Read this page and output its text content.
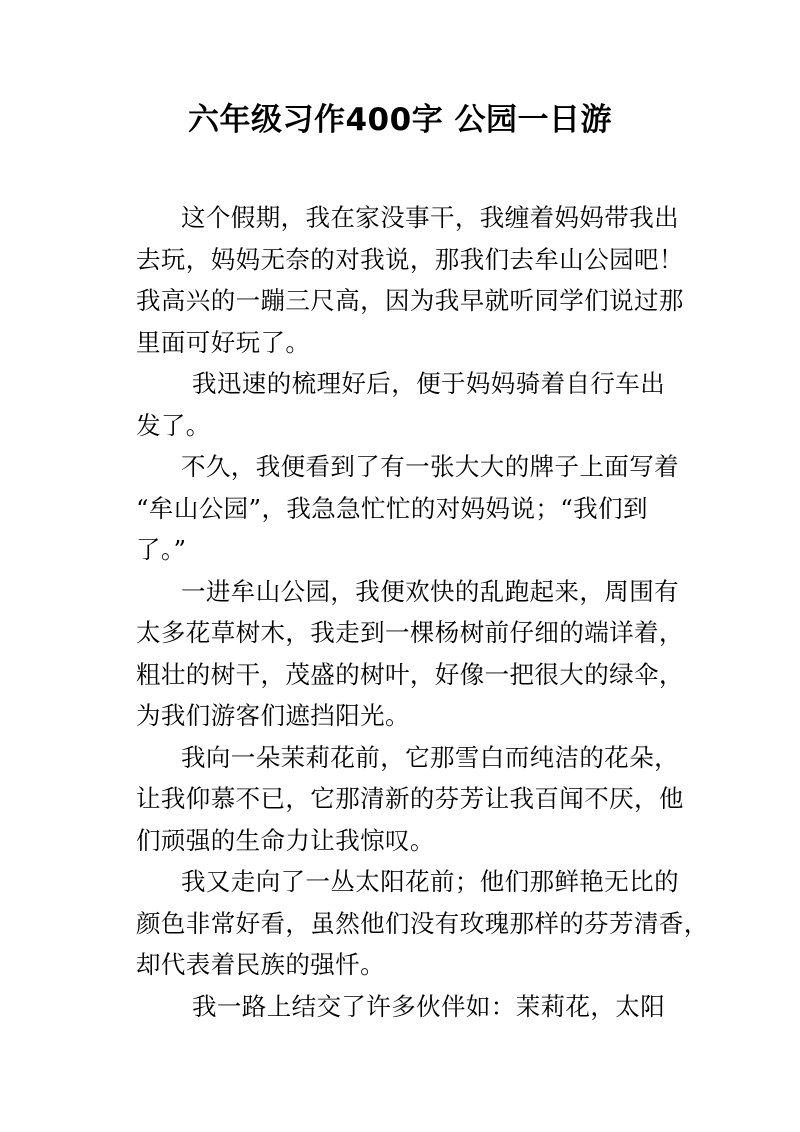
六年级习作400字 公园一日游
这个假期，我在家没事干，我缠着妈妈带我出
去玩，妈妈无奈的对我说，那我们去牟山公园吧！
我高兴的一蹦三尺高，因为我早就听同学们说过那
里面可好玩了。
我迅速的梳理好后，便于妈妈骑着自行车出
发了。
不久，我便看到了有一张大大的牌子上面写着
“牟山公园”，我急急忙忙的对妈妈说；“我们到
了。”
一进牟山公园，我便欢快的乱跑起来，周围有
太多花草树木，我走到一棵杨树前仔细的端详着，
粗壮的树干，茂盛的树叶，好像一把很大的绿伞，
为我们游客们遮挡阳光。
我向一朵茉莉花前，它那雪白而纯洁的花朵，
让我仰慕不已，它那清新的芬芳让我百闻不厌，他
们顽强的生命力让我惊叹。
我又走向了一丛太阳花前；他们那鲜艳无比的
颜色非常好看，虽然他们没有玫瑰那样的芬芳清香，
却代表着民族的强忏。
我一路上结交了许多伙伴如：茉莉花，太阳
